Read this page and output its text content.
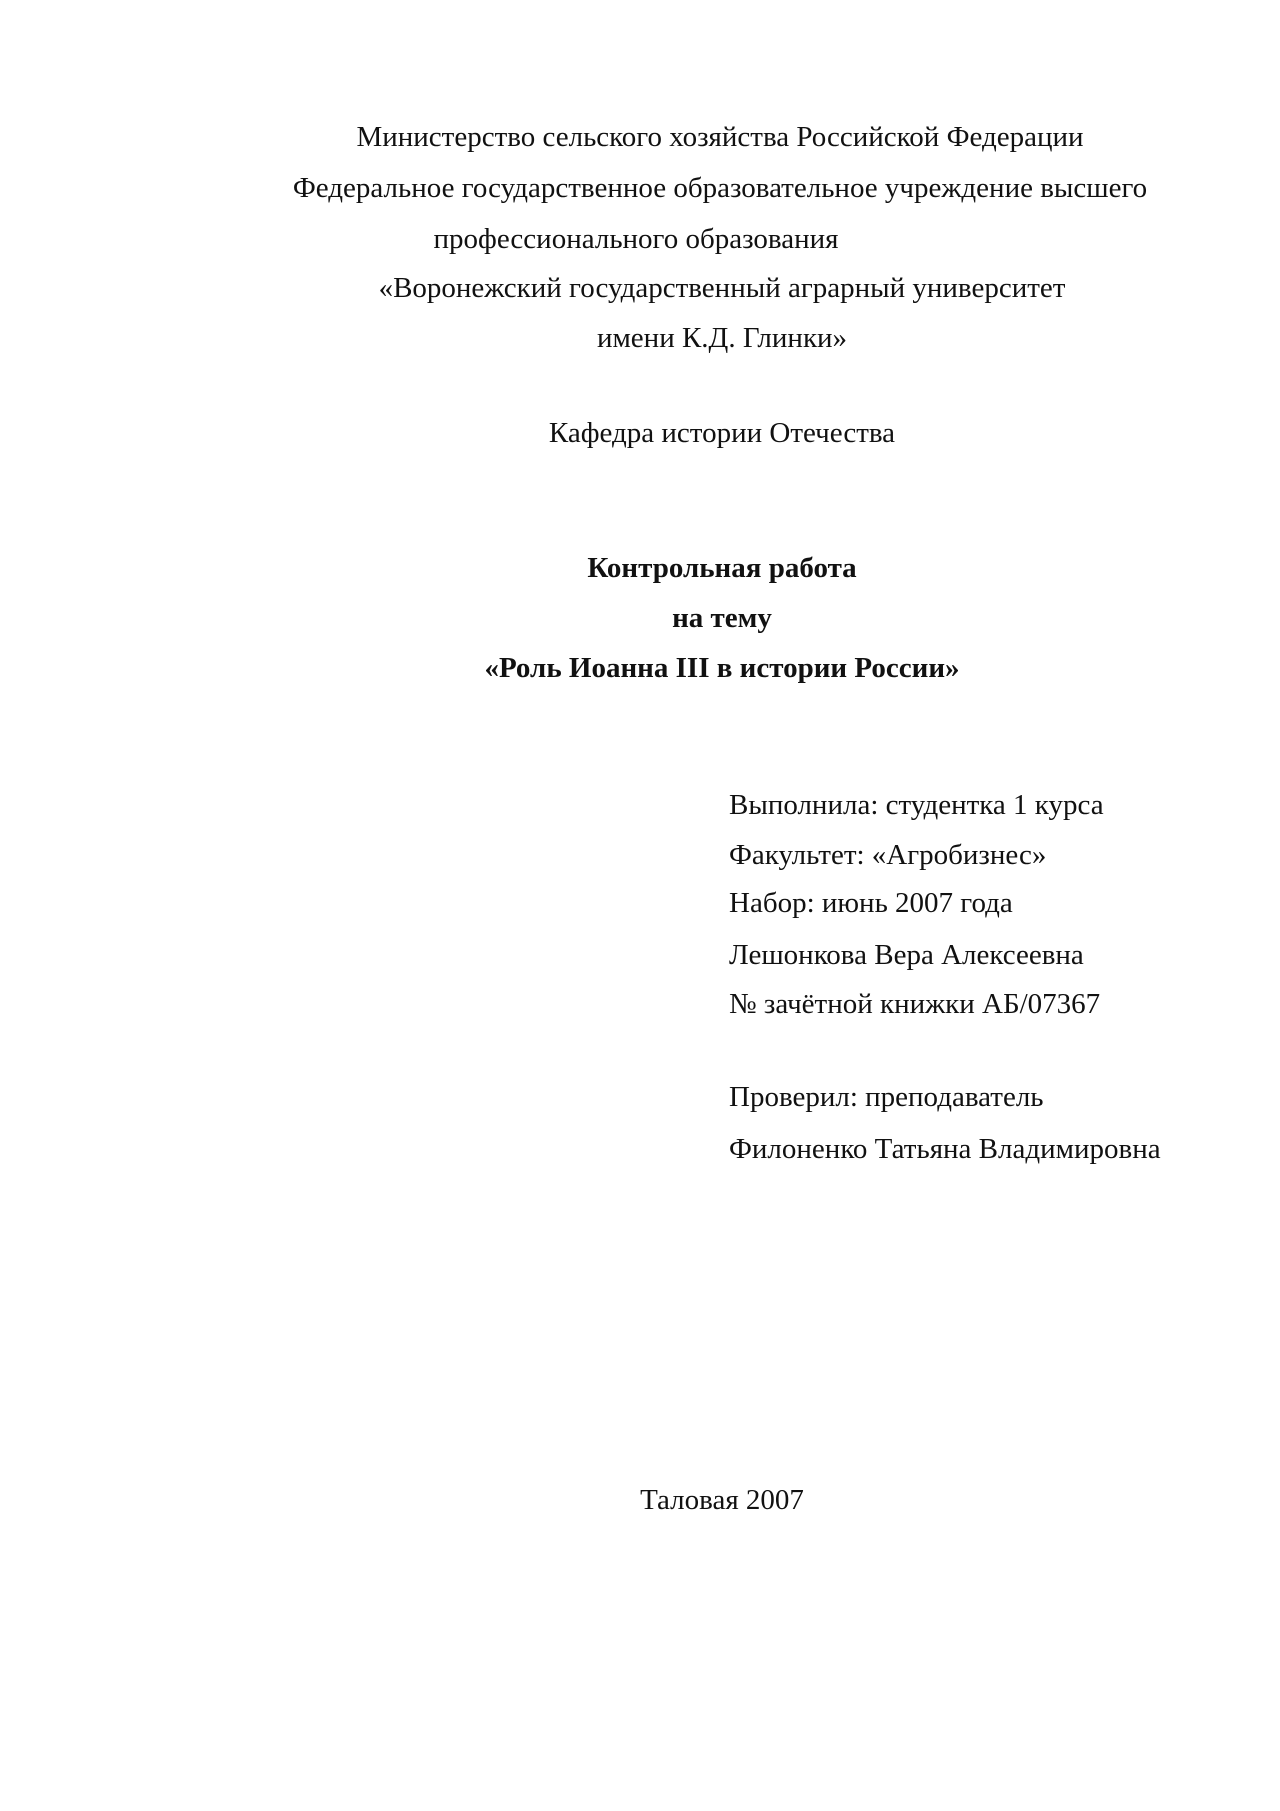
Министерство сельского хозяйства Российской Федерации
Федеральное государственное образовательное учреждение высшего
профессионального образования
«Воронежский государственный аграрный университет
имени К.Д. Глинки»
Кафедра истории Отечества
Контрольная работа
на тему
«Роль Иоанна III в истории России»
Выполнила: студентка 1 курса
Факультет: «Агробизнес»
Набор: июнь 2007 года
Лешонкова Вера Алексеевна
№ зачётной книжки АБ/07367
Проверил: преподаватель
Филоненко Татьяна Владимировна
Таловая 2007
